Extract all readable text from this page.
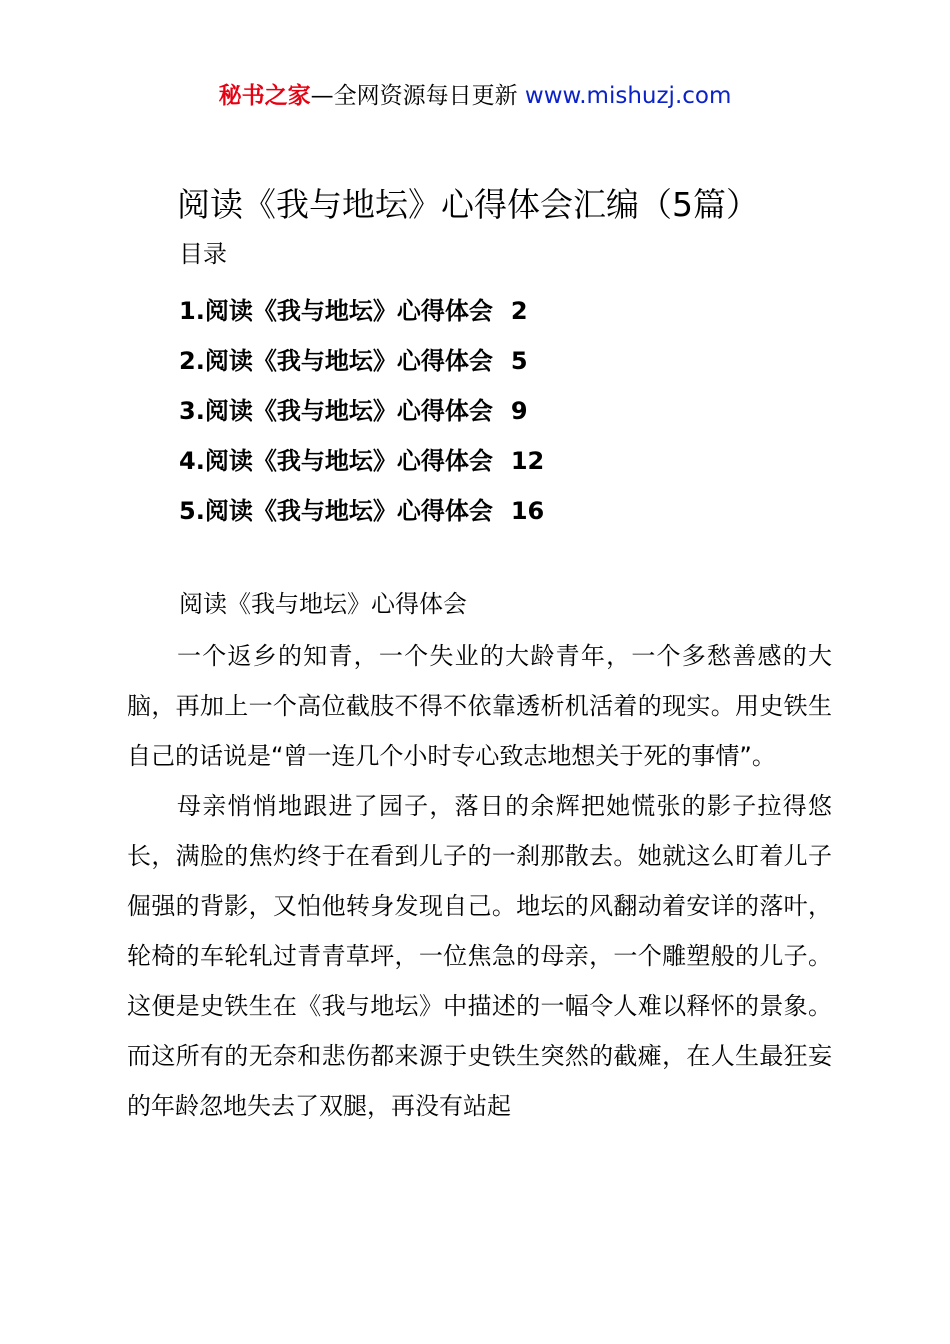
秘书之家—全网资源每日更新 www.mishuzj.com
阅读《我与地坛》心得体会汇编（5篇）
目录
1.阅读《我与地坛》心得体会 2
2.阅读《我与地坛》心得体会 5
3.阅读《我与地坛》心得体会 9
4.阅读《我与地坛》心得体会 12
5.阅读《我与地坛》心得体会 16
阅读《我与地坛》心得体会

一个返乡的知青，一个失业的大龄青年，一个多愁善感的大脑，再加上一个高位截肢不得不依靠透析机活着的现实。用史铁生自己的话说是“曾一连几个小时专心致志地想关于死的事情”。

母亲悄悄地跟进了园子，落日的余辉把她慌张的影子拉得悠长，满脸的焦灼终于在看到儿子的一刹那散去。她就这么盯着儿子倔强的背影，又怕他转身发现自己。地坛的风翻动着安详的落叶，轮椅的车轮轧过青青草坪，一位焦急的母亲，一个雕塑般的儿子。这便是史铁生在《我与地坛》中描述的一幅令人难以释怀的景象。而这所有的无奈和悲伤都来源于史铁生突然的截瘫，在人生最狂妄的年龄忽地失去了双腿，再没有站起
